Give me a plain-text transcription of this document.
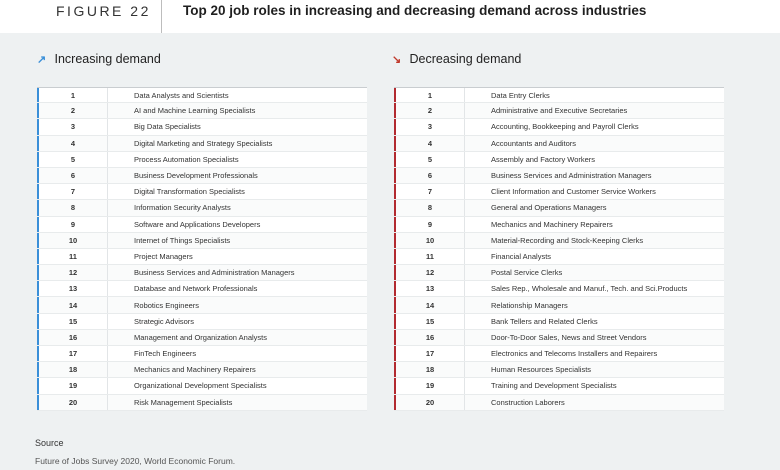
FIGURE 22 Top 20 job roles in increasing and decreasing demand across industries
↗ Increasing demand	↘ Decreasing demand
1	Data Analysts and Scientists
2	AI and Machine Learning Specialists
3	Big Data Specialists
4	Digital Marketing and Strategy Specialists
5	Process Automation Specialists
6	Business Development Professionals
7	Digital Transformation Specialists
8	Information Security Analysts
9	Software and Applications Developers
10	Internet of Things Specialists
11	Project Managers
12	Business Services and Administration Managers
13	Database and Network Professionals
14	Robotics Engineers
15	Strategic Advisors
16	Management and Organization Analysts
17	FinTech Engineers
18	Mechanics and Machinery Repairers
19	Organizational Development Specialists
20	Risk Management Specialists
1	Data Entry Clerks
2	Administrative and Executive Secretaries
3	Accounting, Bookkeeping and Payroll Clerks
4	Accountants and Auditors
5	Assembly and Factory Workers
6	Business Services and Administration Managers
7	Client Information and Customer Service Workers
8	General and Operations Managers
9	Mechanics and Machinery Repairers
10	Material-Recording and Stock-Keeping Clerks
11	Financial Analysts
12	Postal Service Clerks
13	Sales Rep., Wholesale and Manuf., Tech. and Sci.Products
14	Relationship Managers
15	Bank Tellers and Related Clerks
16	Door-To-Door Sales, News and Street Vendors
17	Electronics and Telecoms Installers and Repairers
18	Human Resources Specialists
19	Training and Development Specialists
20	Construction Laborers
Source
Future of Jobs Survey 2020, World Economic Forum.
